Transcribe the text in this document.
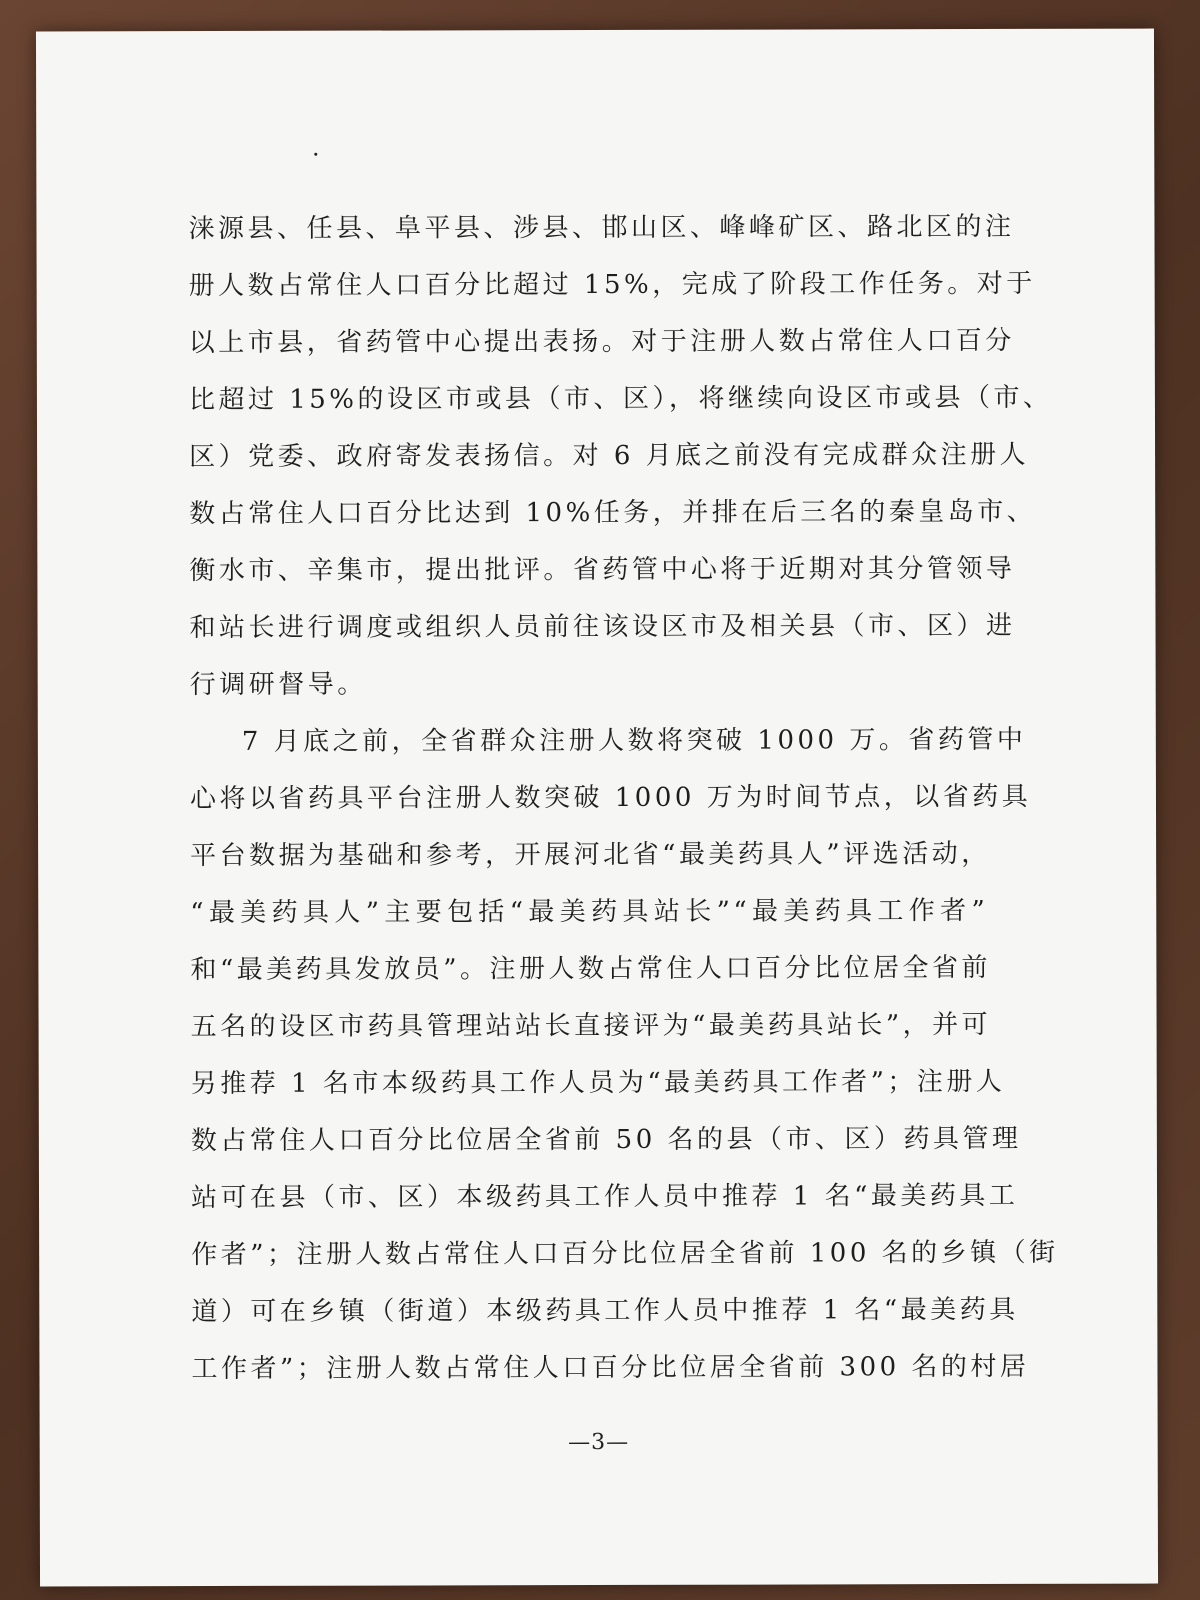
涞源县、任县、阜平县、涉县、邯山区、峰峰矿区、路北区的注
册人数占常住人口百分比超过 15%，完成了阶段工作任务。对于
以上市县，省药管中心提出表扬。对于注册人数占常住人口百分
比超过 15%的设区市或县（市、区），将继续向设区市或县（市、
区）党委、政府寄发表扬信。对 6 月底之前没有完成群众注册人
数占常住人口百分比达到 10%任务，并排在后三名的秦皇岛市、
衡水市、辛集市，提出批评。省药管中心将于近期对其分管领导
和站长进行调度或组织人员前往该设区市及相关县（市、区）进
行调研督导。
7 月底之前，全省群众注册人数将突破 1000 万。省药管中
心将以省药具平台注册人数突破 1000 万为时间节点，以省药具
平台数据为基础和参考，开展河北省“最美药具人”评选活动，
“最美药具人”主要包括“最美药具站长”“最美药具工作者”
和“最美药具发放员”。注册人数占常住人口百分比位居全省前
五名的设区市药具管理站站长直接评为“最美药具站长”，并可
另推荐 1 名市本级药具工作人员为“最美药具工作者”；注册人
数占常住人口百分比位居全省前 50 名的县（市、区）药具管理
站可在县（市、区）本级药具工作人员中推荐 1 名“最美药具工
作者”；注册人数占常住人口百分比位居全省前 100 名的乡镇（街
道）可在乡镇（街道）本级药具工作人员中推荐 1 名“最美药具
工作者”；注册人数占常住人口百分比位居全省前 300 名的村居
—3—
